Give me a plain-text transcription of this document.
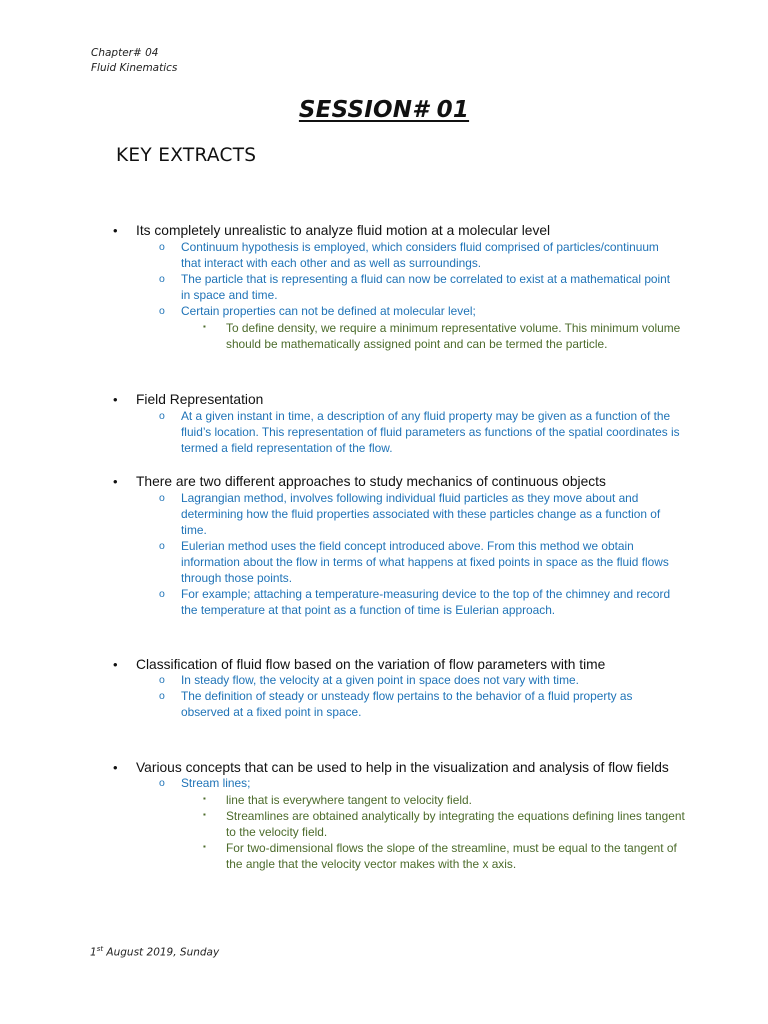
Chapter# 04
Fluid Kinematics
SESSION# 01
KEY EXTRACTS
• Its completely unrealistic to analyze fluid motion at a molecular level
o Continuum hypothesis is employed, which considers fluid comprised of particles/continuum that interact with each other and as well as surroundings.
o The particle that is representing a fluid can now be correlated to exist at a mathematical point in space and time.
o Certain properties can not be defined at molecular level;
▪ To define density, we require a minimum representative volume. This minimum volume should be mathematically assigned point and can be termed the particle.
• Field Representation
o At a given instant in time, a description of any fluid property may be given as a function of the fluid’s location. This representation of fluid parameters as functions of the spatial coordinates is termed a field representation of the flow.
• There are two different approaches to study mechanics of continuous objects
o Lagrangian method, involves following individual fluid particles as they move about and determining how the fluid properties associated with these particles change as a function of time.
o Eulerian method uses the field concept introduced above. From this method we obtain information about the flow in terms of what happens at fixed points in space as the fluid flows through those points.
o For example; attaching a temperature-measuring device to the top of the chimney and record the temperature at that point as a function of time is Eulerian approach.
• Classification of fluid flow based on the variation of flow parameters with time
o In steady flow, the velocity at a given point in space does not vary with time.
o The definition of steady or unsteady flow pertains to the behavior of a fluid property as observed at a fixed point in space.
• Various concepts that can be used to help in the visualization and analysis of flow fields
o Stream lines;
▪ line that is everywhere tangent to velocity field.
▪ Streamlines are obtained analytically by integrating the equations defining lines tangent to the velocity field.
▪ For two-dimensional flows the slope of the streamline, must be equal to the tangent of the angle that the velocity vector makes with the x axis.
1st August 2019, Sunday
